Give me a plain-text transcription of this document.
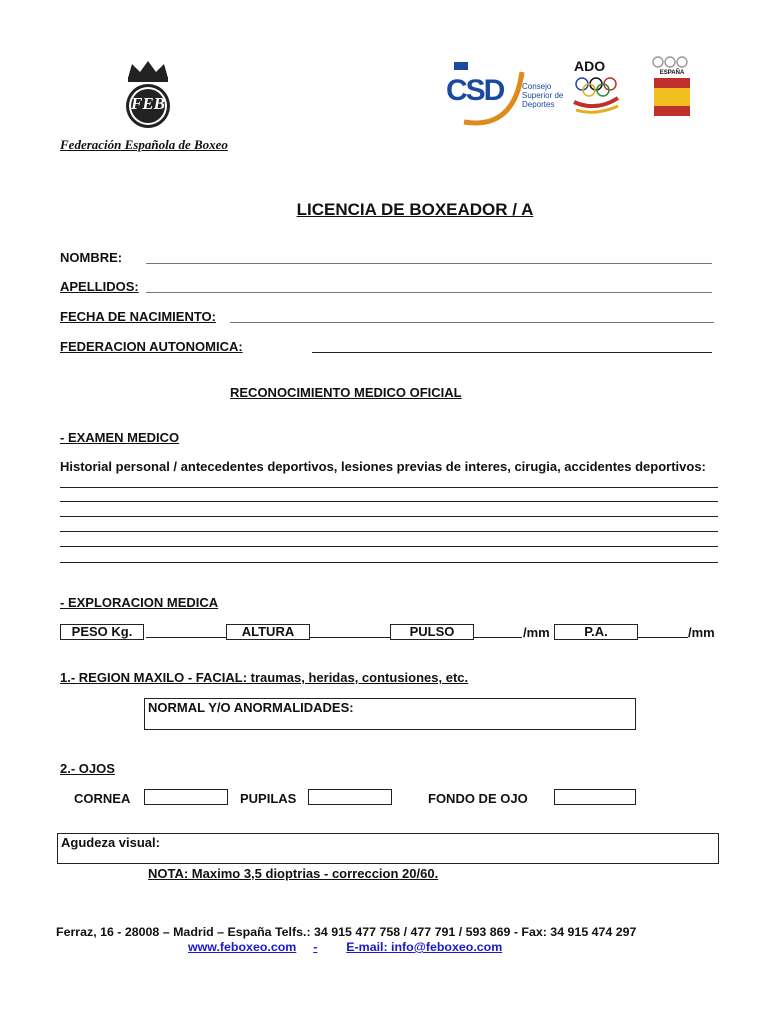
FEB
Federación Española de Boxeo
CSD Consejo
Superior de
Deportes
ADO	ESPAÑA
LICENCIA DE BOXEADOR / A
NOMBRE:
APELLIDOS:
FECHA DE NACIMIENTO:
FEDERACION AUTONOMICA:
RECONOCIMIENTO MEDICO OFICIAL
- EXAMEN MEDICO
Historial personal / antecedentes deportivos, lesiones previas de interes, cirugia, accidentes deportivos:
- EXPLORACION MEDICA
PESO Kg.	ALTURA	PULSO	/mm	P.A.	/mm
1.- REGION MAXILO - FACIAL: traumas, heridas, contusiones, etc.
NORMAL Y/O ANORMALIDADES:
2.- OJOS
CORNEA	PUPILAS	FONDO DE OJO
Agudeza visual:
NOTA: Maximo 3,5 dioptrias - correccion 20/60.
Ferraz, 16 - 28008 – Madrid – España Telfs.: 34 915 477 758 / 477 791 / 593 869 - Fax: 34 915 474 297
www.feboxeo.com - E-mail: info@feboxeo.com
